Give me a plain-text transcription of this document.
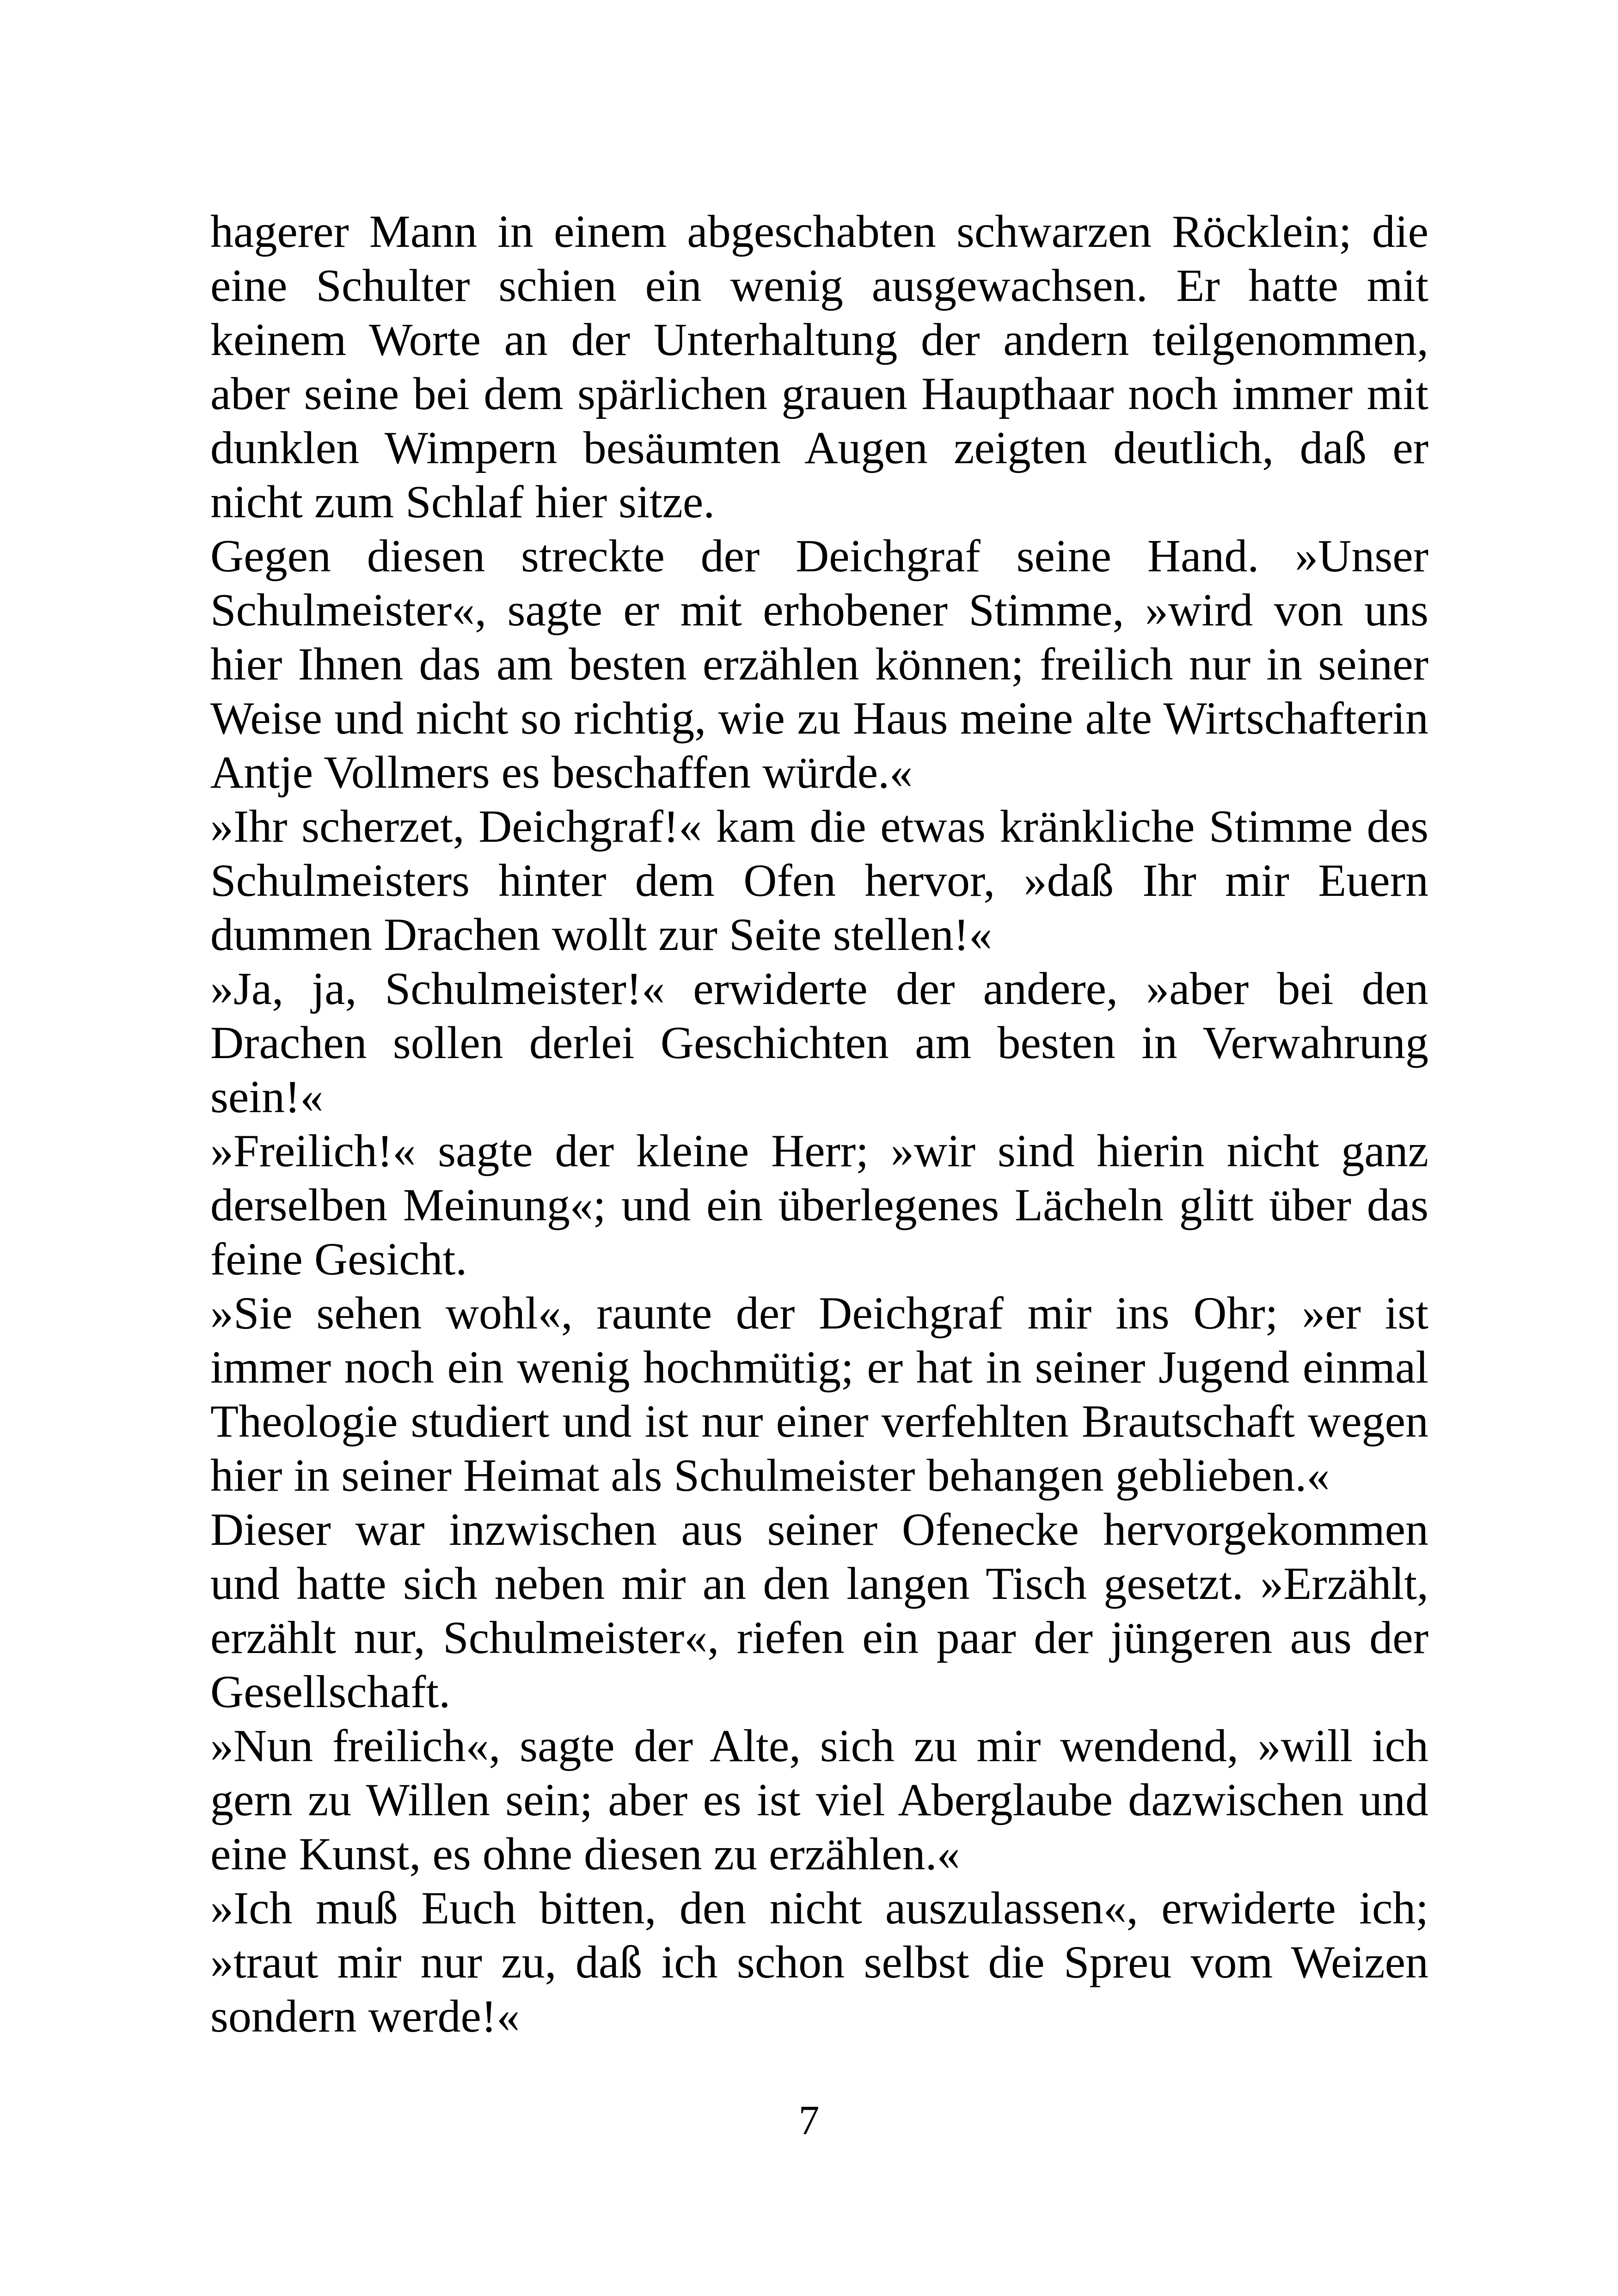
hagerer Mann in einem abgeschabten schwarzen Röcklein; die eine Schulter schien ein wenig ausgewachsen. Er hatte mit keinem Worte an der Unterhaltung der andern teilgenommen, aber seine bei dem spärlichen grauen Haupthaar noch immer mit dunklen Wimpern besäumten Augen zeigten deutlich, daß er nicht zum Schlaf hier sitze.

Gegen diesen streckte der Deichgraf seine Hand. »Unser Schulmeister«, sagte er mit erhobener Stimme, »wird von uns hier Ihnen das am besten erzählen können; freilich nur in seiner Weise und nicht so richtig, wie zu Haus meine alte Wirtschafterin Antje Vollmers es beschaffen würde.«

»Ihr scherzet, Deichgraf!« kam die etwas kränkliche Stimme des Schulmeisters hinter dem Ofen hervor, »daß Ihr mir Euern dummen Drachen wollt zur Seite stellen!«

»Ja, ja, Schulmeister!« erwiderte der andere, »aber bei den Drachen sollen derlei Geschichten am besten in Verwahrung sein!«

»Freilich!« sagte der kleine Herr; »wir sind hierin nicht ganz derselben Meinung«; und ein überlegenes Lächeln glitt über das feine Gesicht.

»Sie sehen wohl«, raunte der Deichgraf mir ins Ohr; »er ist immer noch ein wenig hochmütig; er hat in seiner Jugend einmal Theologie studiert und ist nur einer verfehlten Brautschaft wegen hier in seiner Heimat als Schulmeister behangen geblieben.«

Dieser war inzwischen aus seiner Ofenecke hervorgekommen und hatte sich neben mir an den langen Tisch gesetzt. »Erzählt, erzählt nur, Schulmeister«, riefen ein paar der jüngeren aus der Gesellschaft.

»Nun freilich«, sagte der Alte, sich zu mir wendend, »will ich gern zu Willen sein; aber es ist viel Aberglaube dazwischen und eine Kunst, es ohne diesen zu erzählen.«

»Ich muß Euch bitten, den nicht auszulassen«, erwiderte ich; »traut mir nur zu, daß ich schon selbst die Spreu vom Weizen sondern werde!«

7
